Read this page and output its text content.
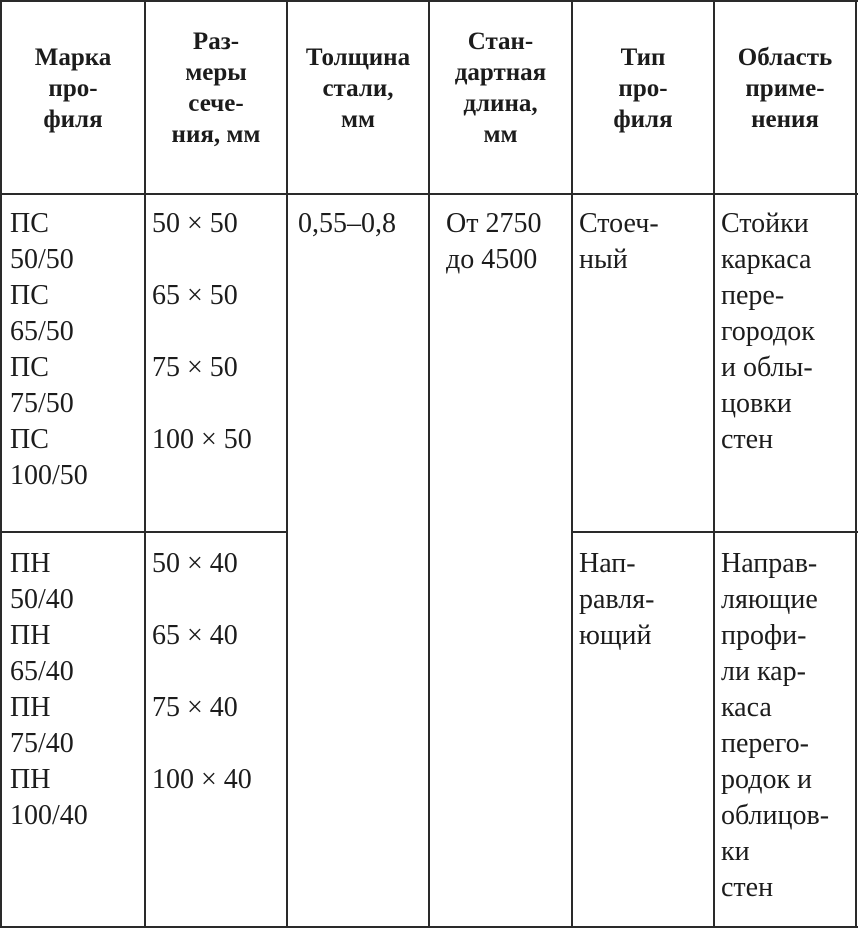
Марка
про-
филя
Раз-
меры
сече-
ния, мм
Толщина
стали,
мм
Стан-
дартная
длина,
мм
Тип
про-
филя
Область
приме-
нения
0,55–0,8 От 2750
до 4500
ПС
50/50
ПС
65/50
ПС
75/50
ПС
100/50
50 × 50
65 × 50
75 × 50
100 × 50
Стоеч-
ный
Стойки
каркаса
пере-
городок
и облы-
цовки
стен
ПН
50/40
ПН
65/40
ПН
75/40
ПН
100/40
50 × 40
65 × 40
75 × 40
100 × 40
Нап-
равля-
ющий
Направ-
ляющие
профи-
ли кар-
каса
перего-
родок и
облицов-
ки
стен
